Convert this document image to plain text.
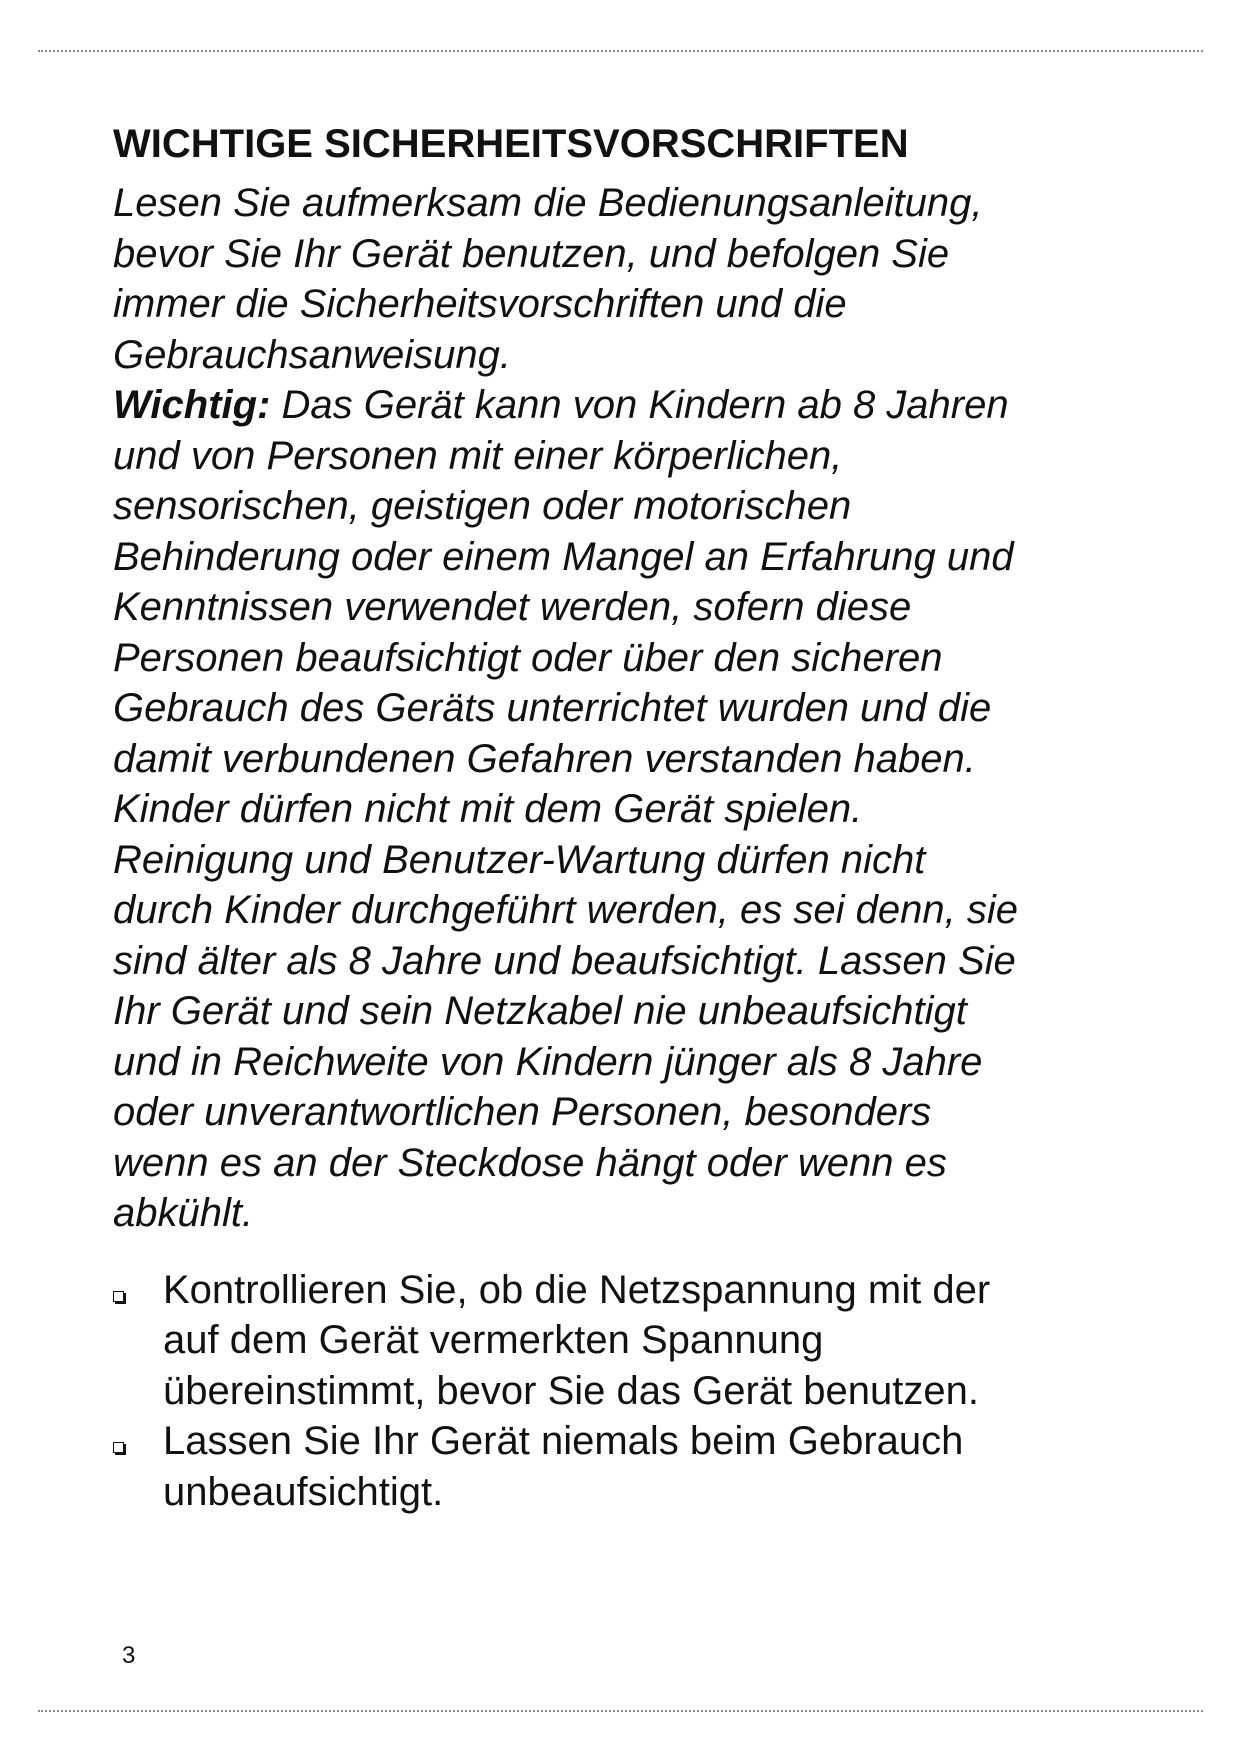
WICHTIGE SICHERHEITSVORSCHRIFTEN

Lesen Sie aufmerksam die Bedienungsanleitung,
bevor Sie Ihr Gerät benutzen, und befolgen Sie
immer die Sicherheitsvorschriften und die
Gebrauchsanweisung.
Wichtig: Das Gerät kann von Kindern ab 8 Jahren
und von Personen mit einer körperlichen,
sensorischen, geistigen oder motorischen
Behinderung oder einem Mangel an Erfahrung und
Kenntnissen verwendet werden, sofern diese
Personen beaufsichtigt oder über den sicheren
Gebrauch des Geräts unterrichtet wurden und die
damit verbundenen Gefahren verstanden haben.
Kinder dürfen nicht mit dem Gerät spielen.
Reinigung und Benutzer-Wartung dürfen nicht
durch Kinder durchgeführt werden, es sei denn, sie
sind älter als 8 Jahre und beaufsichtigt. Lassen Sie
Ihr Gerät und sein Netzkabel nie unbeaufsichtigt
und in Reichweite von Kindern jünger als 8 Jahre
oder unverantwortlichen Personen, besonders
wenn es an der Steckdose hängt oder wenn es
abkühlt.

Kontrollieren Sie, ob die Netzspannung mit der
auf dem Gerät vermerkten Spannung
übereinstimmt, bevor Sie das Gerät benutzen.
Lassen Sie Ihr Gerät niemals beim Gebrauch
unbeaufsichtigt.
3
